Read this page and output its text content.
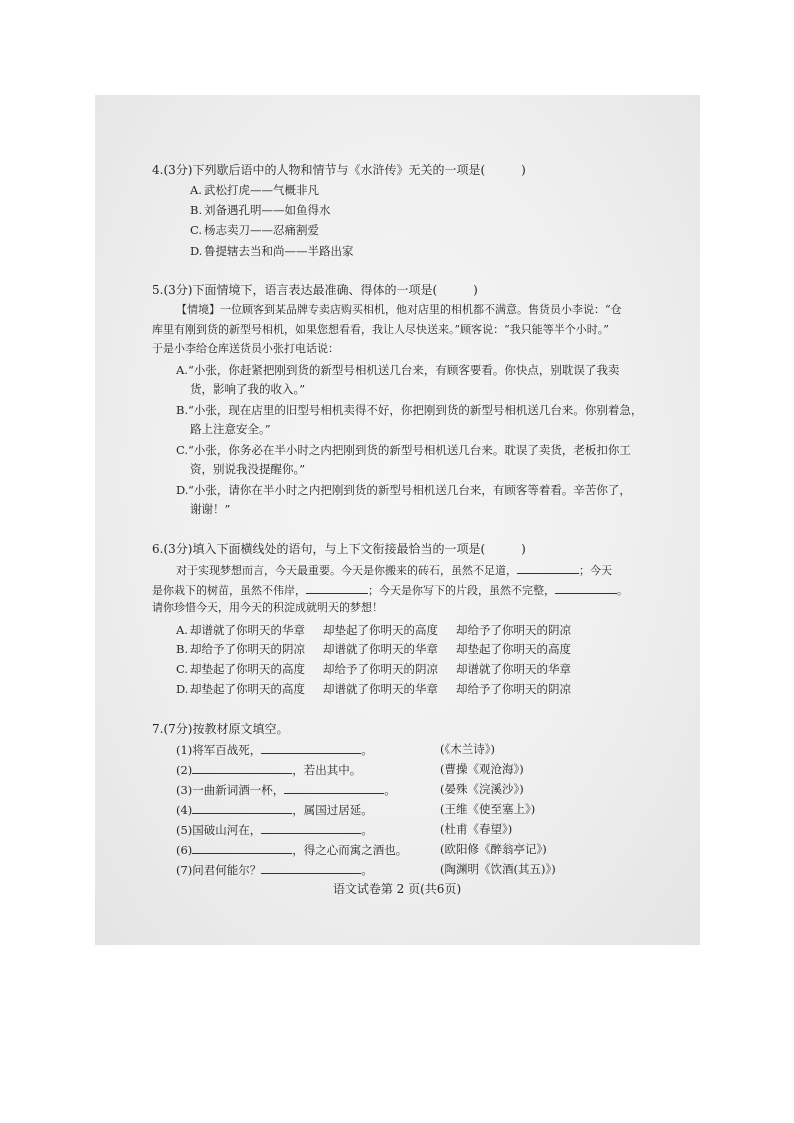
4.(3分)下列歇后语中的人物和情节与《水浒传》无关的一项是(　　　)
A. 武松打虎——气概非凡
B. 刘备遇孔明——如鱼得水
C. 杨志卖刀——忍痛割爱
D. 鲁提辖去当和尚——半路出家
5.(3分)下面情境下，语言表达最准确、得体的一项是(　　　)
【情境】一位顾客到某品牌专卖店购买相机，他对店里的相机都不满意。售货员小李说：“仓
库里有刚到货的新型号相机，如果您想看看，我让人尽快送来。”顾客说：“我只能等半个小时。”
于是小李给仓库送货员小张打电话说：
A. “小张，你赶紧把刚到货的新型号相机送几台来，有顾客要看。你快点，别耽误了我卖
货，影响了我的收入。”
B. “小张，现在店里的旧型号相机卖得不好，你把刚到货的新型号相机送几台来。你别着急，
路上注意安全。”
C. “小张，你务必在半小时之内把刚到货的新型号相机送几台来。耽误了卖货，老板扣你工
资，别说我没提醒你。”
D. “小张，请你在半小时之内把刚到货的新型号相机送几台来，有顾客等着看。辛苦你了，
谢谢！”
6.(3分)填入下面横线处的语句，与上下文衔接最恰当的一项是(　　　)
对于实现梦想而言，今天最重要。今天是你搬来的砖石，虽然不足道，	；今天
是你栽下的树苗，虽然不伟岸，	；今天是你写下的片段，虽然不完整，	。
请你珍惜今天，用今天的积淀成就明天的梦想！
A. 却谱就了你明天的华章 却垫起了你明天的高度 却给予了你明天的阴凉
B. 却给予了你明天的阴凉 却谱就了你明天的华章 却垫起了你明天的高度
C. 却垫起了你明天的高度 却给予了你明天的阴凉 却谱就了你明天的华章
D. 却垫起了你明天的高度 却谱就了你明天的华章 却给予了你明天的阴凉
7.(7分)按教材原文填空。
(1)将军百战死，	。	(《木兰诗》)
(2)	，若出其中。	(曹操《观沧海》)
(3)一曲新词酒一杯，	。	(晏殊《浣溪沙》)
(4)	，属国过居延。	(王维《使至塞上》)
(5)国破山河在，	。	(杜甫《春望》)
(6)	，得之心而寓之酒也。	(欧阳修《醉翁亭记》)
(7)问君何能尔？	。	(陶渊明《饮酒(其五)》)
语文试卷第 2 页(共6页)
